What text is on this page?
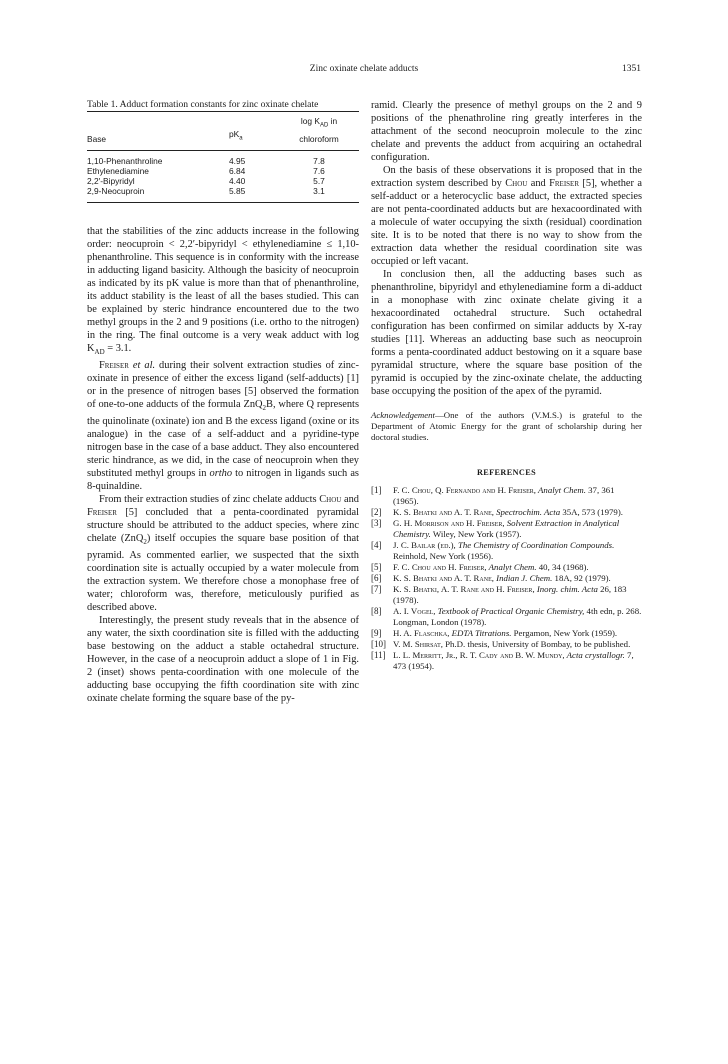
Zinc oxinate chelate adducts	1351

Table 1. Adduct formation constants for zinc oxinate chelate

Base	$pK_a$	$\log K_{AD}$ in
chloroform
1,10-Phenanthroline	4.95	7.8
Ethylenediamine	6.84	7.6
2,2′-Bipyridyl	4.40	5.7
2,9-Neocuproin	5.85	3.1

that the stabilities of the zinc adducts increase in the following order: neocuproin < 2,2′-bipyridyl < ethylenediamine ≤ 1,10-phenanthroline. This sequence is in conformity with the increase in adducting ligand basicity. Although the basicity of neocuproin as indicated by its pK value is more than that of phenanthroline, its adduct stability is the least of all the bases studied. This can be explained by steric hindrance encountered due to the two methyl groups in the 2 and 9 positions (i.e. ortho to the nitrogen) in the ring. The final outcome is a very weak adduct with $\log K_{AD} = 3.1$.

Freiser et al. during their solvent extraction studies of zinc-oxinate in presence of either the excess ligand (self-adducts) [1] or in the presence of nitrogen bases [5] observed the formation of one-to-one adducts of the formula ZnQ$_2$B, where Q represents the quinolinate (oxinate) ion and B the excess ligand (oxine or its analogue) in the case of a self-adduct and a pyridine-type nitrogen base in the case of a base adduct. They also encountered steric hindrance, as we did, in the case of neocuproin when they substituted methyl groups in ortho to nitrogen in ligands such as 8-quinaldine.

From their extraction studies of zinc chelate adducts Chou and Freiser [5] concluded that a penta-coordinated pyramidal structure should be attributed to the adduct species, where zinc chelate (ZnQ$_2$) itself occupies the square base position of that pyramid. As commented earlier, we suspected that the sixth coordination site is actually occupied by a water molecule from the extraction system. We therefore chose a monophase free of water; chloroform was, therefore, meticulously purified as described above.

Interestingly, the present study reveals that in the absence of any water, the sixth coordination site is filled with the adducting base bestowing on the adduct a stable octahedral structure. However, in the case of a neocuproin adduct a slope of 1 in Fig. 2 (inset) shows penta-coordination with one molecule of the adducting base occupying the fifth coordination site with zinc oxinate chelate forming the square base of the py-

ramid. Clearly the presence of methyl groups on the 2 and 9 positions of the phenathroline ring greatly interferes in the attachment of the second neocuproin molecule to the zinc chelate and prevents the adduct from acquiring an octahedral configuration.

On the basis of these observations it is proposed that in the extraction system described by Chou and Freiser [5], whether a self-adduct or a heterocyclic base adduct, the extracted species are not penta-coordinated adducts but are hexacoordinated with a molecule of water occupying the sixth (residual) coordination site. It is to be noted that there is no way to show from the extraction data whether the residual coordination site was occupied or left vacant.

In conclusion then, all the adducting bases such as phenanthroline, bipyridyl and ethylenediamine form a di-adduct in a monophase with zinc oxinate chelate giving it a hexacoordinated octahedral structure. Such octahedral configuration has been confirmed on similar adducts by X-ray studies [11]. Whereas an adducting base such as neocuproin forms a penta-coordinated adduct bestowing on it a square base pyramidal structure, where the square base position of the pyramid is occupied by the zinc-oxinate chelate, the adducting base occupying the position of the apex of the pyramid.

Acknowledgement—One of the authors (V.M.S.) is grateful to the Department of Atomic Energy for the grant of scholarship during her doctoral studies.

REFERENCES

[1]	F. C. Chou, Q. Fernando and H. Freiser, Analyt Chem. 37, 361 (1965).
[2]	K. S. Bhatki and A. T. Rane, Spectrochim. Acta 35A, 573 (1979).
[3]	G. H. Morrison and H. Freiser, Solvent Extraction in Analytical Chemistry. Wiley, New York (1957).
[4]	J. C. Bailar (ed.), The Chemistry of Coordination Compounds. Reinhold, New York (1956).
[5]	F. C. Chou and H. Freiser, Analyt Chem. 40, 34 (1968).
[6]	K. S. Bhatki and A. T. Rane, Indian J. Chem. 18A, 92 (1979).
[7]	K. S. Bhatki, A. T. Rane and H. Freiser, Inorg. chim. Acta 26, 183 (1978).
[8]	A. I. Vogel, Textbook of Practical Organic Chemistry, 4th edn, p. 268. Longman, London (1978).
[9]	H. A. Flaschka, EDTA Titrations. Pergamon, New York (1959).
[10] V. M. Shirsat, Ph.D. thesis, University of Bombay, to be published.
[11] L. L. Merritt, Jr., R. T. Cady and B. W. Mundy, Acta crystallogr. 7, 473 (1954).
